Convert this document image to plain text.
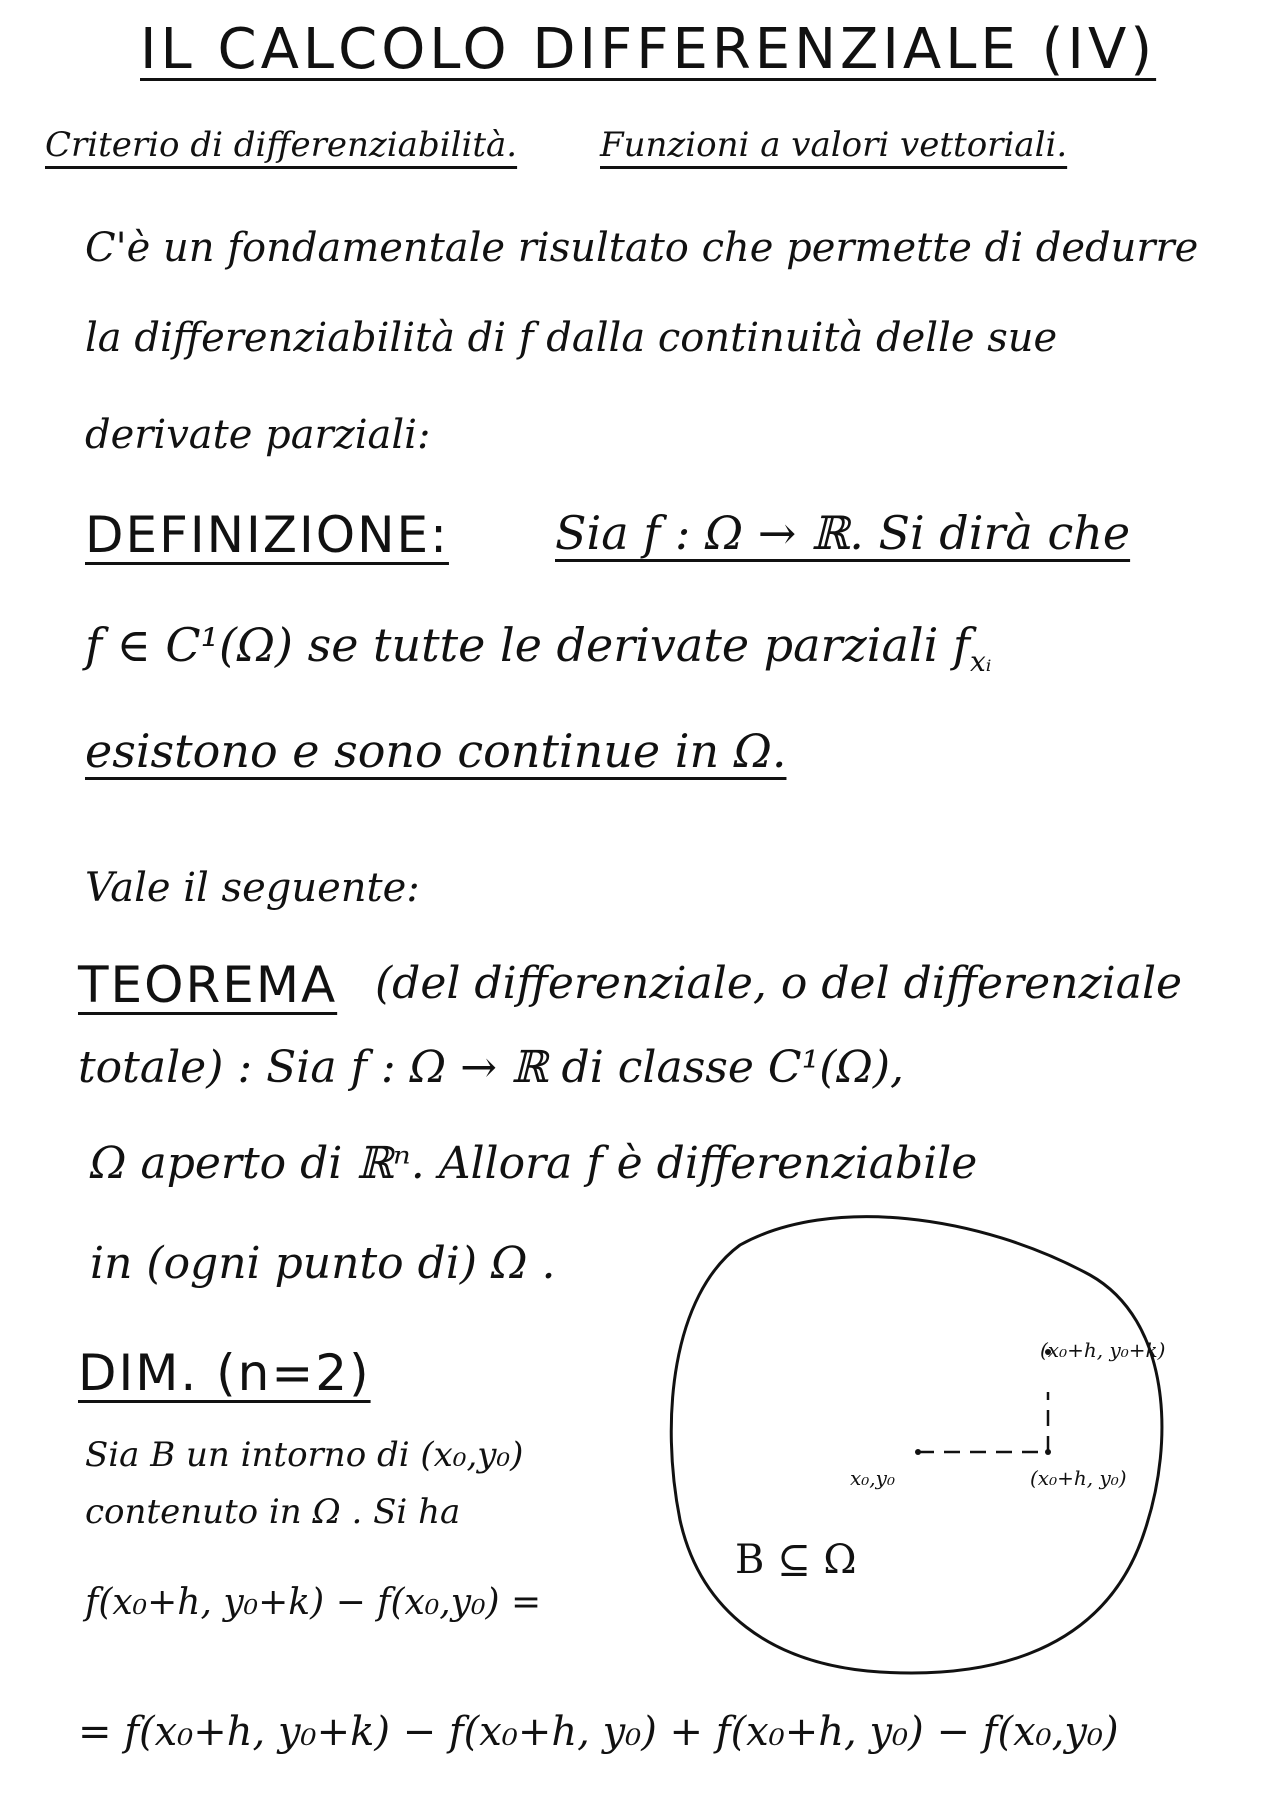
IL CALCOLO DIFFERENZIALE (IV)
Criterio di differenziabilità. Funzioni a valori vettoriali.
C'è un fondamentale risultato che permette di dedurre
la differenziabilità di f dalla continuità delle sue
derivate parziali:
DEFINIZIONE: Sia f : Ω → ℝ. Si dirà che
f ∈ C¹(Ω) se tutte le derivate parziali $f_{xᵢ}$
esistono e sono continue in Ω.
Vale il seguente:
TEOREMA (del differenziale, o del differenziale
totale) : Sia f : Ω → ℝ di classe C¹(Ω),
Ω aperto di ℝⁿ. Allora f è differenziabile
in (ogni punto di) Ω .
DIM. (n=2)
Sia B un intorno di (x₀,y₀)
contenuto in Ω . Si ha
f(x₀+h, y₀+k) − f(x₀,y₀) =
= f(x₀+h, y₀+k) − f(x₀+h, y₀) + f(x₀+h, y₀) − f(x₀,y₀)
x₀,y₀	(x₀+h, y₀)
(x₀+h, y₀+k)
B ⊆ Ω
